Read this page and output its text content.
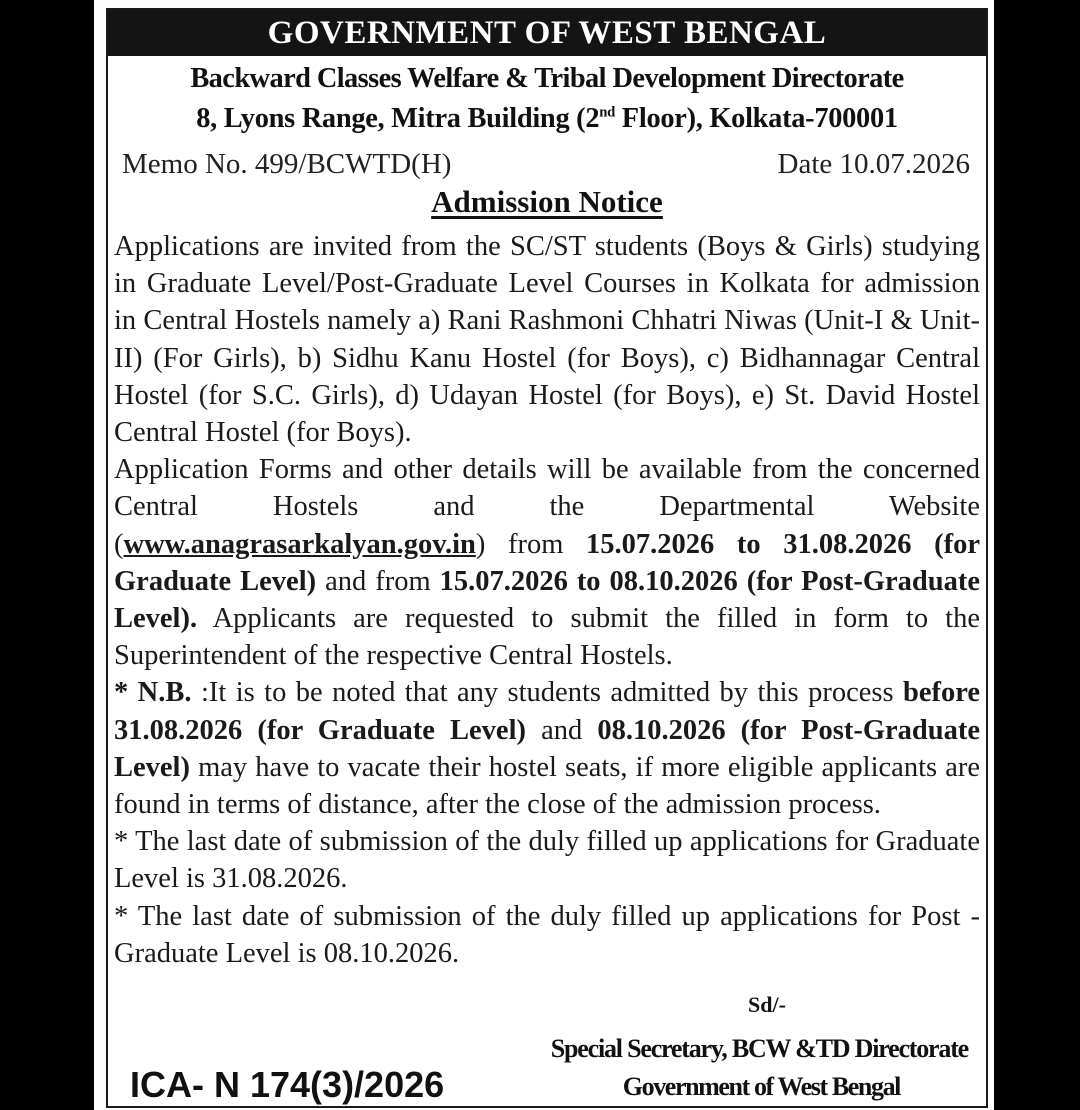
GOVERNMENT OF WEST BENGAL
Backward Classes Welfare & Tribal Development Directorate
8, Lyons Range, Mitra Building (2nd Floor), Kolkata-700001
Memo No. 499/BCWTD(H)	Date 10.07.2026
Admission Notice

Applications are invited from the SC/ST students (Boys & Girls) studying in Graduate Level/Post-Graduate Level Courses in Kolkata for admission in Central Hostels namely a) Rani Rashmoni Chhatri Niwas (Unit-I & Unit-II) (For Girls), b) Sidhu Kanu Hostel (for Boys), c) Bidhannagar Central Hostel (for S.C. Girls), d) Udayan Hostel (for Boys), e) St. David Hostel Central Hostel (for Boys).

Application Forms and other details will be available from the concerned Central Hostels and the Departmental Website (www.anagrasarkalyan.gov.in) from 15.07.2026 to 31.08.2026 (for Graduate Level) and from 15.07.2026 to 08.10.2026 (for Post-Graduate Level). Applicants are requested to submit the filled in form to the Superintendent of the respective Central Hostels.

* N.B. :It is to be noted that any students admitted by this process before 31.08.2026 (for Graduate Level) and 08.10.2026 (for Post-Graduate Level) may have to vacate their hostel seats, if more eligible applicants are found in terms of distance, after the close of the admission process.

* The last date of submission of the duly filled up applications for Graduate Level is 31.08.2026.

* The last date of submission of the duly filled up applications for Post - Graduate Level is 08.10.2026.

Sd/-
Special Secretary, BCW &TD Directorate
Government of West Bengal
ICA- N 174(3)/2026
